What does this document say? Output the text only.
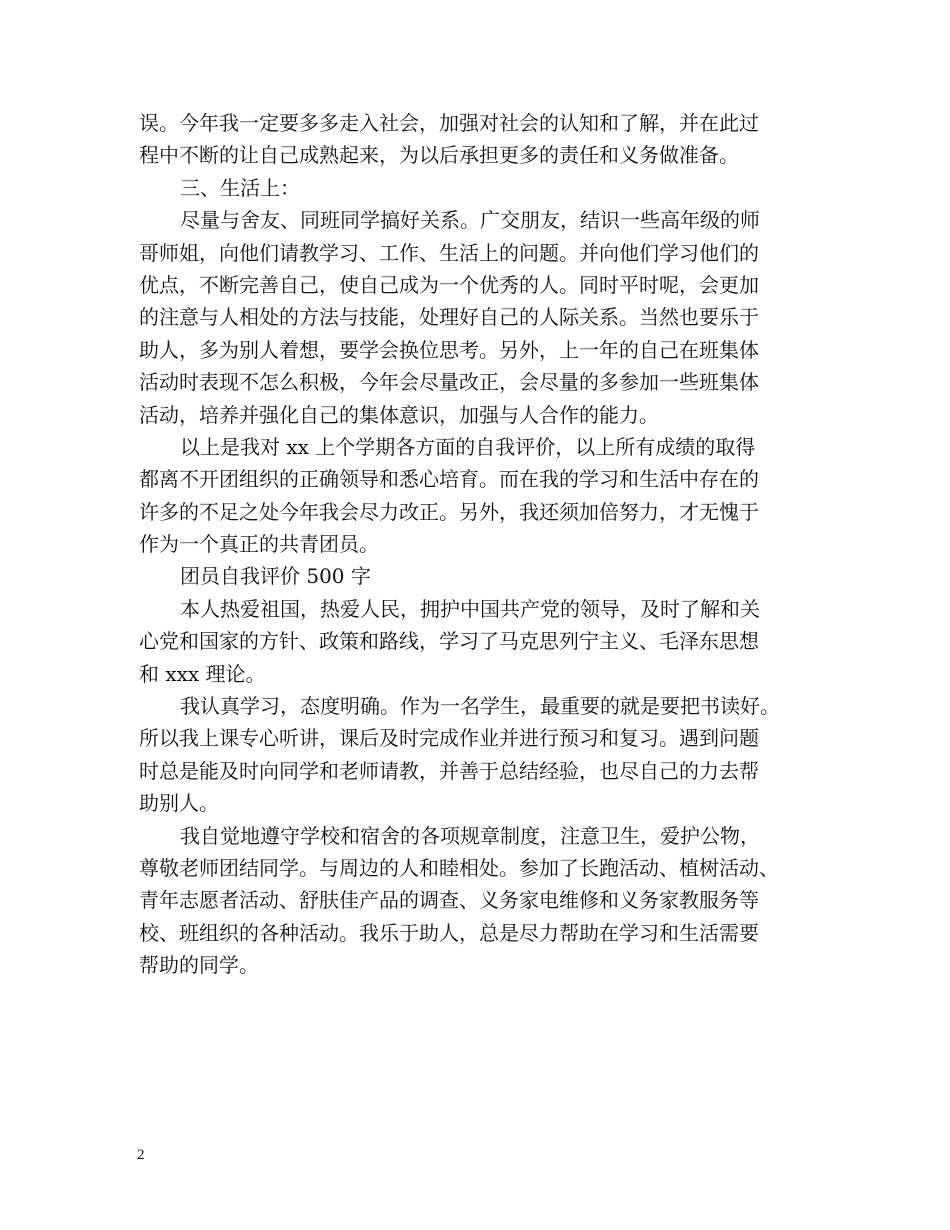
误。今年我一定要多多走入社会，加强对社会的认知和了解，并在此过
程中不断的让自己成熟起来，为以后承担更多的责任和义务做准备。
三、生活上：
尽量与舍友、同班同学搞好关系。广交朋友，结识一些高年级的师
哥师姐，向他们请教学习、工作、生活上的问题。并向他们学习他们的
优点，不断完善自己，使自己成为一个优秀的人。同时平时呢，会更加
的注意与人相处的方法与技能，处理好自己的人际关系。当然也要乐于
助人，多为别人着想，要学会换位思考。另外，上一年的自己在班集体
活动时表现不怎么积极，今年会尽量改正，会尽量的多参加一些班集体
活动，培养并强化自己的集体意识，加强与人合作的能力。
以上是我对 xx 上个学期各方面的自我评价，以上所有成绩的取得
都离不开团组织的正确领导和悉心培育。而在我的学习和生活中存在的
许多的不足之处今年我会尽力改正。另外，我还须加倍努力，才无愧于
作为一个真正的共青团员。
团员自我评价 500 字
本人热爱祖国，热爱人民，拥护中国共产党的领导，及时了解和关
心党和国家的方针、政策和路线，学习了马克思列宁主义、毛泽东思想
和 xxx 理论。
我认真学习，态度明确。作为一名学生，最重要的就是要把书读好。
所以我上课专心听讲，课后及时完成作业并进行预习和复习。遇到问题
时总是能及时向同学和老师请教，并善于总结经验，也尽自己的力去帮
助别人。
我自觉地遵守学校和宿舍的各项规章制度，注意卫生，爱护公物，
尊敬老师团结同学。与周边的人和睦相处。参加了长跑活动、植树活动、
青年志愿者活动、舒肤佳产品的调查、义务家电维修和义务家教服务等
校、班组织的各种活动。我乐于助人，总是尽力帮助在学习和生活需要
帮助的同学。
2
